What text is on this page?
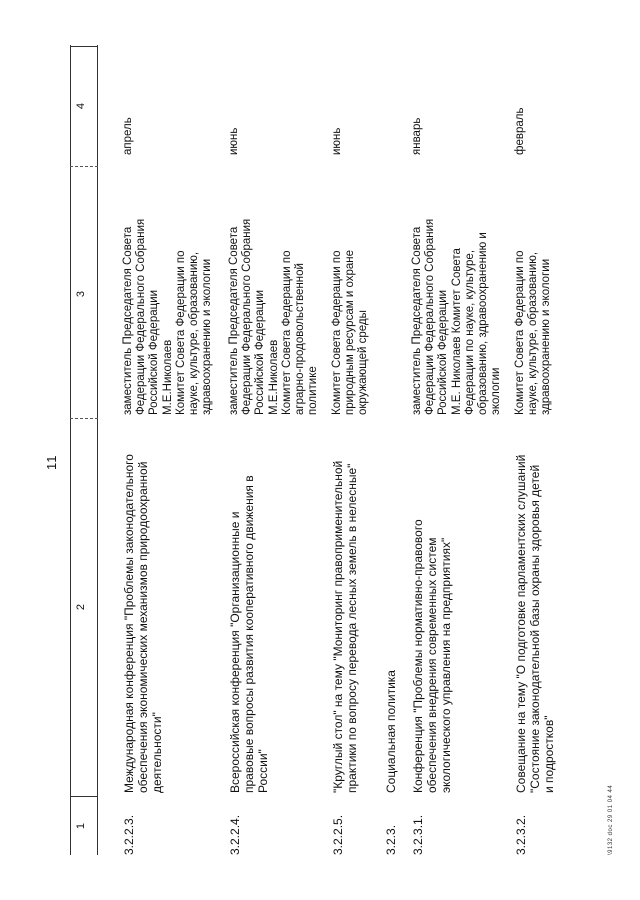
11
1
2
3
4
3.2.2.3.
Международная конференция "Проблемы законодательного обеспечения экономических механизмов природоохранной деятельности"
заместитель Председателя Совета Федерации Федерального Собрания Российской Федерации М.Е.Николаев Комитет Совета Федерации по науке, культуре, образованию, здравоохранению и экологии
апрель
3.2.2.4.
Всероссийская конференция "Организационные и правовые вопросы развития кооперативного движения в России"
заместитель Председателя Совета Федерации Федерального Собрания Российской Федерации М.Е.Николаев Комитет Совета Федерации по аграрно-продовольственной политике
июнь
3.2.2.5.
"Круглый стол" на тему "Мониторинг правоприменительной практики по вопросу перевода лесных земель в нелесные"
Комитет Совета Федерации по природным ресурсам и охране окружающей среды
июнь
3.2.3.
Социальная политика
3.2.3.1.
Конференция "Проблемы нормативно-правового обеспечения внедрения современных систем экологического управления на предприятиях"
заместитель Председателя Совета Федерации Федерального Собрания Российской Федерации М.Е. Николаев Комитет Совета Федерации по науке, культуре, образованию, здравоохранению и экологии
январь
3.2.3.2.
Совещание на тему "О подготовке парламентских слушаний "Состояние законодательной базы охраны здоровья детей и подростков"
Комитет Совета Федерации по науке, культуре, образованию, здравоохранению и экологии
февраль
\9132 doc 29 01 04 44
